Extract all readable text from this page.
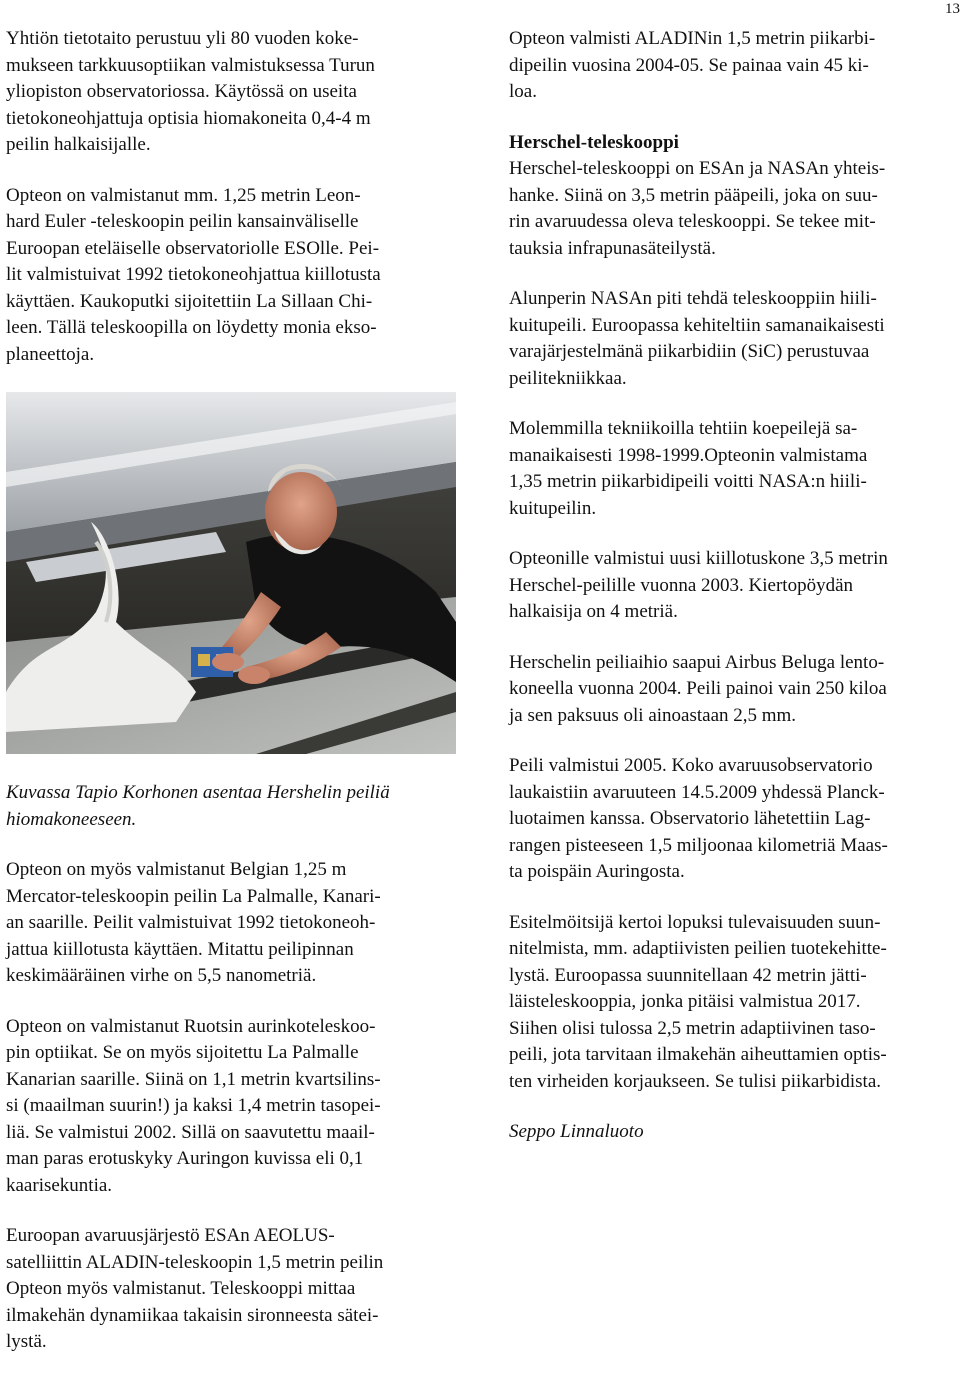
13

Yhtiön tietotaito perustuu yli 80 vuoden koke-
mukseen tarkkuusoptiikan valmistuksessa Turun
yliopiston observatoriossa. Käytössä on useita
tietokoneohjattuja optisia hiomakoneita 0,4-4 m
peilin halkaisijalle.

Opteon on valmistanut mm. 1,25 metrin Leon-
hard Euler -teleskoopin peilin kansainväliselle
Euroopan eteläiselle observatoriolle ESOlle. Pei-
lit valmistuivat 1992 tietokoneohjattua kiillotusta
käyttäen. Kaukoputki sijoitettiin La Sillaan Chi-
leen. Tällä teleskoopilla on löydetty monia ekso-
planeettoja.

Kuvassa Tapio Korhonen asentaa Hershelin peiliä
hiomakoneeseen.

Opteon on myös valmistanut Belgian 1,25 m
Mercator-teleskoopin peilin La Palmalle, Kanari-
an saarille. Peilit valmistuivat 1992 tietokoneoh-
jattua kiillotusta käyttäen. Mitattu peilipinnan
keskimääräinen virhe on 5,5 nanometriä.

Opteon on valmistanut Ruotsin aurinkoteleskoo-
pin optiikat. Se on myös sijoitettu La Palmalle
Kanarian saarille. Siinä on 1,1 metrin kvartsilins-
si (maailman suurin!) ja kaksi 1,4 metrin tasopei-
liä. Se valmistui 2002. Sillä on saavutettu maail-
man paras erotuskyky Auringon kuvissa eli 0,1
kaarisekuntia.

Euroopan avaruusjärjestö ESAn AEOLUS-
satelliittin ALADIN-teleskoopin 1,5 metrin peilin
Opteon myös valmistanut. Teleskooppi mittaa
ilmakehän dynamiikaa takaisin sironneesta sätei-
lystä.

Opteon valmisti ALADINin 1,5 metrin piikarbi-
dipeilin vuosina 2004-05. Se painaa vain 45 ki-
loa.

Herschel-teleskooppi

Herschel-teleskooppi on ESAn ja NASAn yhteis-
hanke. Siinä on 3,5 metrin pääpeili, joka on suu-
rin avaruudessa oleva teleskooppi. Se tekee mit-
tauksia infrapunasäteilystä.

Alunperin NASAn piti tehdä teleskooppiin hiili-
kuitupeili. Euroopassa kehiteltiin samanaikaisesti
varajärjestelmänä piikarbidiin (SiC) perustuvaa
peilitekniikkaa.

Molemmilla tekniikoilla tehtiin koepeilejä sa-
manaikaisesti 1998-1999.Opteonin valmistama
1,35 metrin piikarbidipeili voitti NASA:n hiili-
kuitupeilin.

Opteonille valmistui uusi kiillotuskone 3,5 metrin
Herschel-peilille vuonna 2003. Kiertopöydän
halkaisija on 4 metriä.

Herschelin peiliaihio saapui Airbus Beluga lento-
koneella vuonna 2004. Peili painoi vain 250 kiloa
ja sen paksuus oli ainoastaan 2,5 mm.

Peili valmistui 2005. Koko avaruusobservatorio
laukaistiin avaruuteen 14.5.2009 yhdessä Planck-
luotaimen kanssa. Observatorio lähetettiin Lag-
rangen pisteeseen 1,5 miljoonaa kilometriä Maas-
ta poispäin Auringosta.

Esitelmöitsijä kertoi lopuksi tulevaisuuden suun-
nitelmista, mm. adaptiivisten peilien tuotekehitte-
lystä. Euroopassa suunnitellaan 42 metrin jätti-
läisteleskooppia, jonka pitäisi valmistua 2017.
Siihen olisi tulossa 2,5 metrin adaptiivinen taso-
peili, jota tarvitaan ilmakehän aiheuttamien optis-
ten virheiden korjaukseen. Se tulisi piikarbidista.

Seppo Linnaluoto
